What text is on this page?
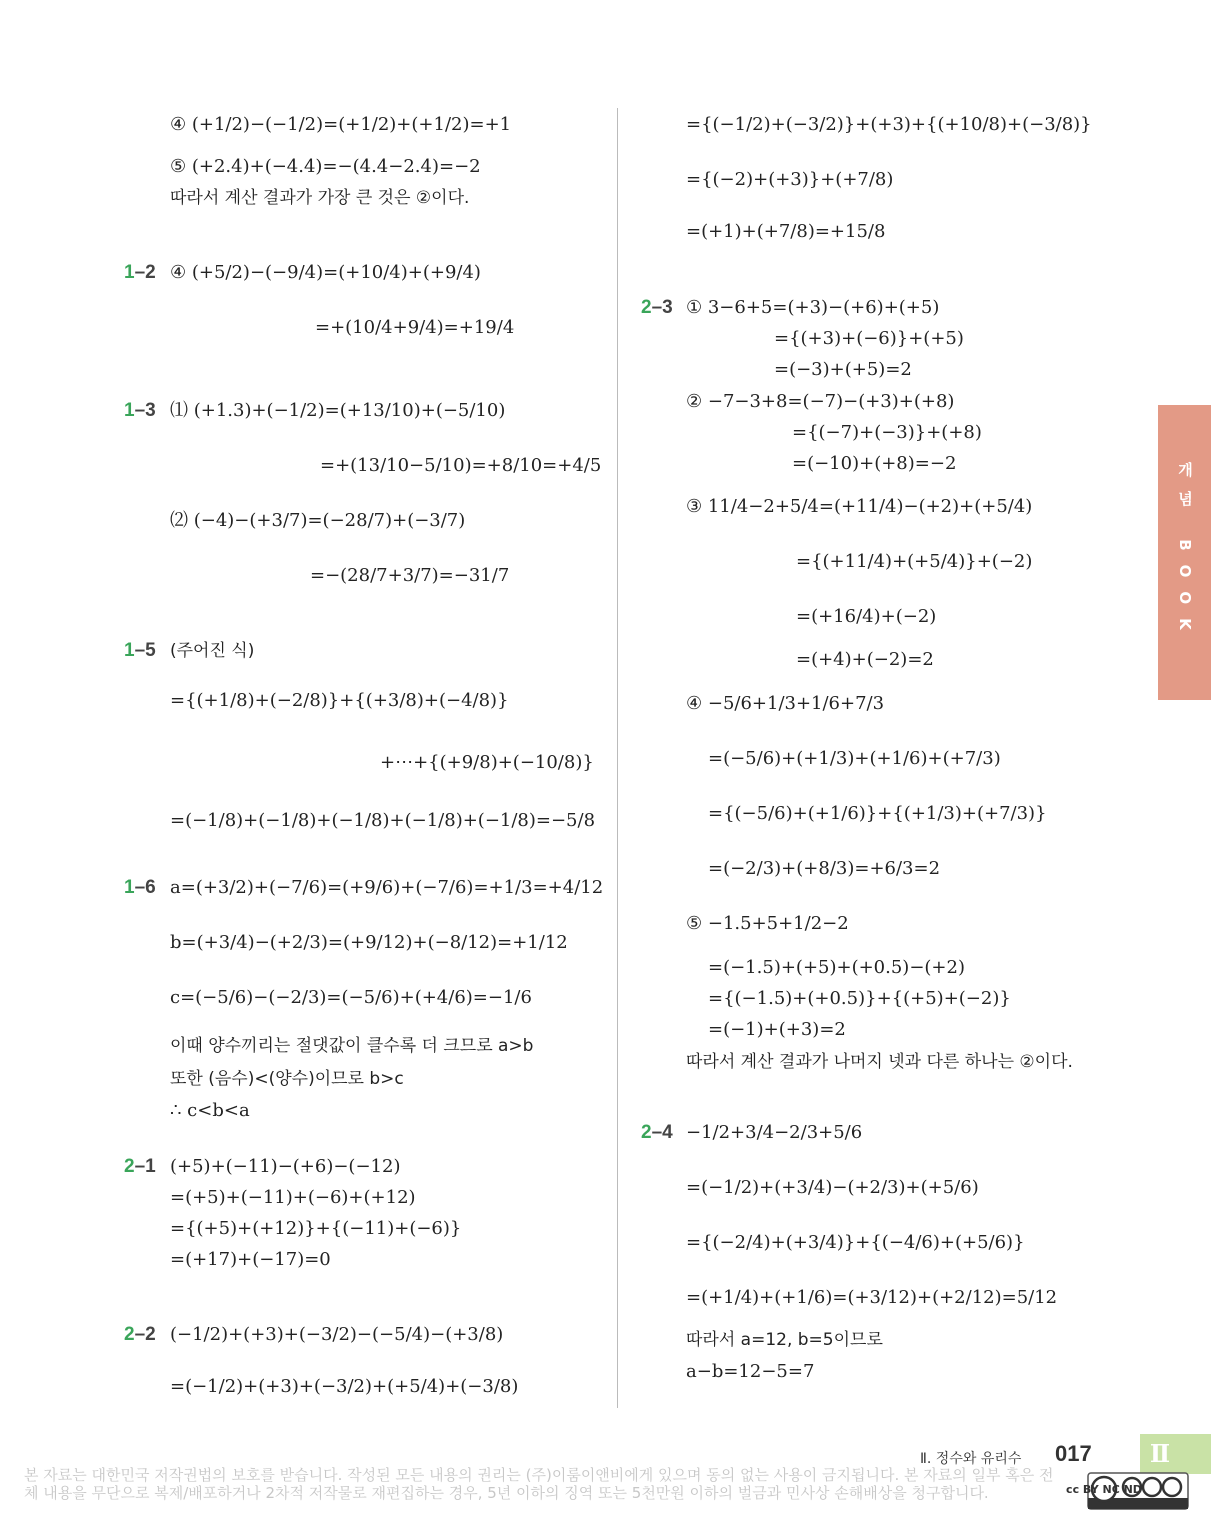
④ (+1/2)−(−1/2)=(+1/2)+(+1/2)=+1
⑤ (+2.4)+(−4.4)=−(4.4−2.4)=−2
따라서 계산 결과가 가장 큰 것은 ②이다.
1–2 ④ (+5/2)−(−9/4)=(+10/4)+(+9/4)
=+(10/4+9/4)=+19/4
1–3 ⑴ (+1.3)+(−1/2)=(+13/10)+(−5/10)
=+(13/10−5/10)=+8/10=+4/5
⑵ (−4)−(+3/7)=(−28/7)+(−3/7)
=−(28/7+3/7)=−31/7
1–5 (주어진 식)
={(+1/8)+(−2/8)}+{(+3/8)+(−4/8)}
+⋯+{(+9/8)+(−10/8)}
=(−1/8)+(−1/8)+(−1/8)+(−1/8)+(−1/8)=−5/8
1–6 a=(+3/2)+(−7/6)=(+9/6)+(−7/6)=+1/3=+4/12
b=(+3/4)−(+2/3)=(+9/12)+(−8/12)=+1/12
c=(−5/6)−(−2/3)=(−5/6)+(+4/6)=−1/6
이때 양수끼리는 절댓값이 클수록 더 크므로 a>b
또한 (음수)<(양수)이므로 b>c
∴ c<b<a
2–1 (+5)+(−11)−(+6)−(−12)
=(+5)+(−11)+(−6)+(+12)
={(+5)+(+12)}+{(−11)+(−6)}
=(+17)+(−17)=0
2–2 (−1/2)+(+3)+(−3/2)−(−5/4)−(+3/8)
=(−1/2)+(+3)+(−3/2)+(+5/4)+(−3/8)
={(−1/2)+(−3/2)}+(+3)+{(+10/8)+(−3/8)}
={(−2)+(+3)}+(+7/8)
=(+1)+(+7/8)=+15/8
2–3 ① 3−6+5=(+3)−(+6)+(+5)
={(+3)+(−6)}+(+5)
=(−3)+(+5)=2
② −7−3+8=(−7)−(+3)+(+8)
={(−7)+(−3)}+(+8)
=(−10)+(+8)=−2
③ 11/4−2+5/4=(+11/4)−(+2)+(+5/4)
={(+11/4)+(+5/4)}+(−2)
=(+16/4)+(−2)
=(+4)+(−2)=2
④ −5/6+1/3+1/6+7/3
=(−5/6)+(+1/3)+(+1/6)+(+7/3)
={(−5/6)+(+1/6)}+{(+1/3)+(+7/3)}
=(−2/3)+(+8/3)=+6/3=2
⑤ −1.5+5+1/2−2
=(−1.5)+(+5)+(+0.5)−(+2)
={(−1.5)+(+0.5)}+{(+5)+(−2)}
=(−1)+(+3)=2
따라서 계산 결과가 나머지 넷과 다른 하나는 ②이다.
2–4 −1/2+3/4−2/3+5/6
=(−1/2)+(+3/4)−(+2/3)+(+5/6)
={(−2/4)+(+3/4)}+{(−4/6)+(+5/6)}
=(+1/4)+(+1/6)=(+3/12)+(+2/12)=5/12
따라서 a=12, b=5이므로
a−b=12−5=7
개념 BOOK
Ⅱ. 정수와 유리수 017	Ⅱ
본 자료는 대한민국 저작권법의 보호를 받습니다. 작성된 모든 내용의 권리는 (주)이룸이앤비에게 있으며 동의 없는 사용이 금지됩니다. 본 자료의 일부 혹은 전체 내용을 무단으로 복제/배포하거나 2차적 저작물로 재편집하는 경우, 5년 이하의 징역 또는 5천만원 이하의 벌금과 민사상 손해배상을 청구합니다.	cc BY NC ND
